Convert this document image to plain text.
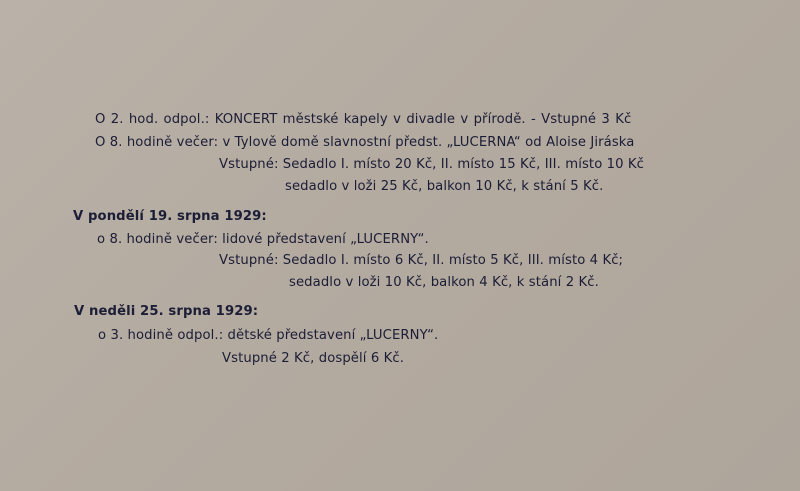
O 2. hod. odpol.: KONCERT městské kapely v divadle v přírodě. - Vstupné 3 Kč
O 8. hodině večer: v Tylově domě slavnostní předst. „LUCERNA“ od Aloise Jiráska
Vstupné: Sedadlo I. místo 20 Kč, II. místo 15 Kč, III. místo 10 Kč
sedadlo v loži 25 Kč, balkon 10 Kč, k stání 5 Kč.
V pondělí 19. srpna 1929:
o 8. hodině večer: lidové představení „LUCERNY“.
Vstupné: Sedadlo I. místo 6 Kč, II. místo 5 Kč, III. místo 4 Kč;
sedadlo v loži 10 Kč, balkon 4 Kč, k stání 2 Kč.
V neděli 25. srpna 1929:
o 3. hodině odpol.: dětské představení „LUCERNY“.
Vstupné 2 Kč, dospělí 6 Kč.
